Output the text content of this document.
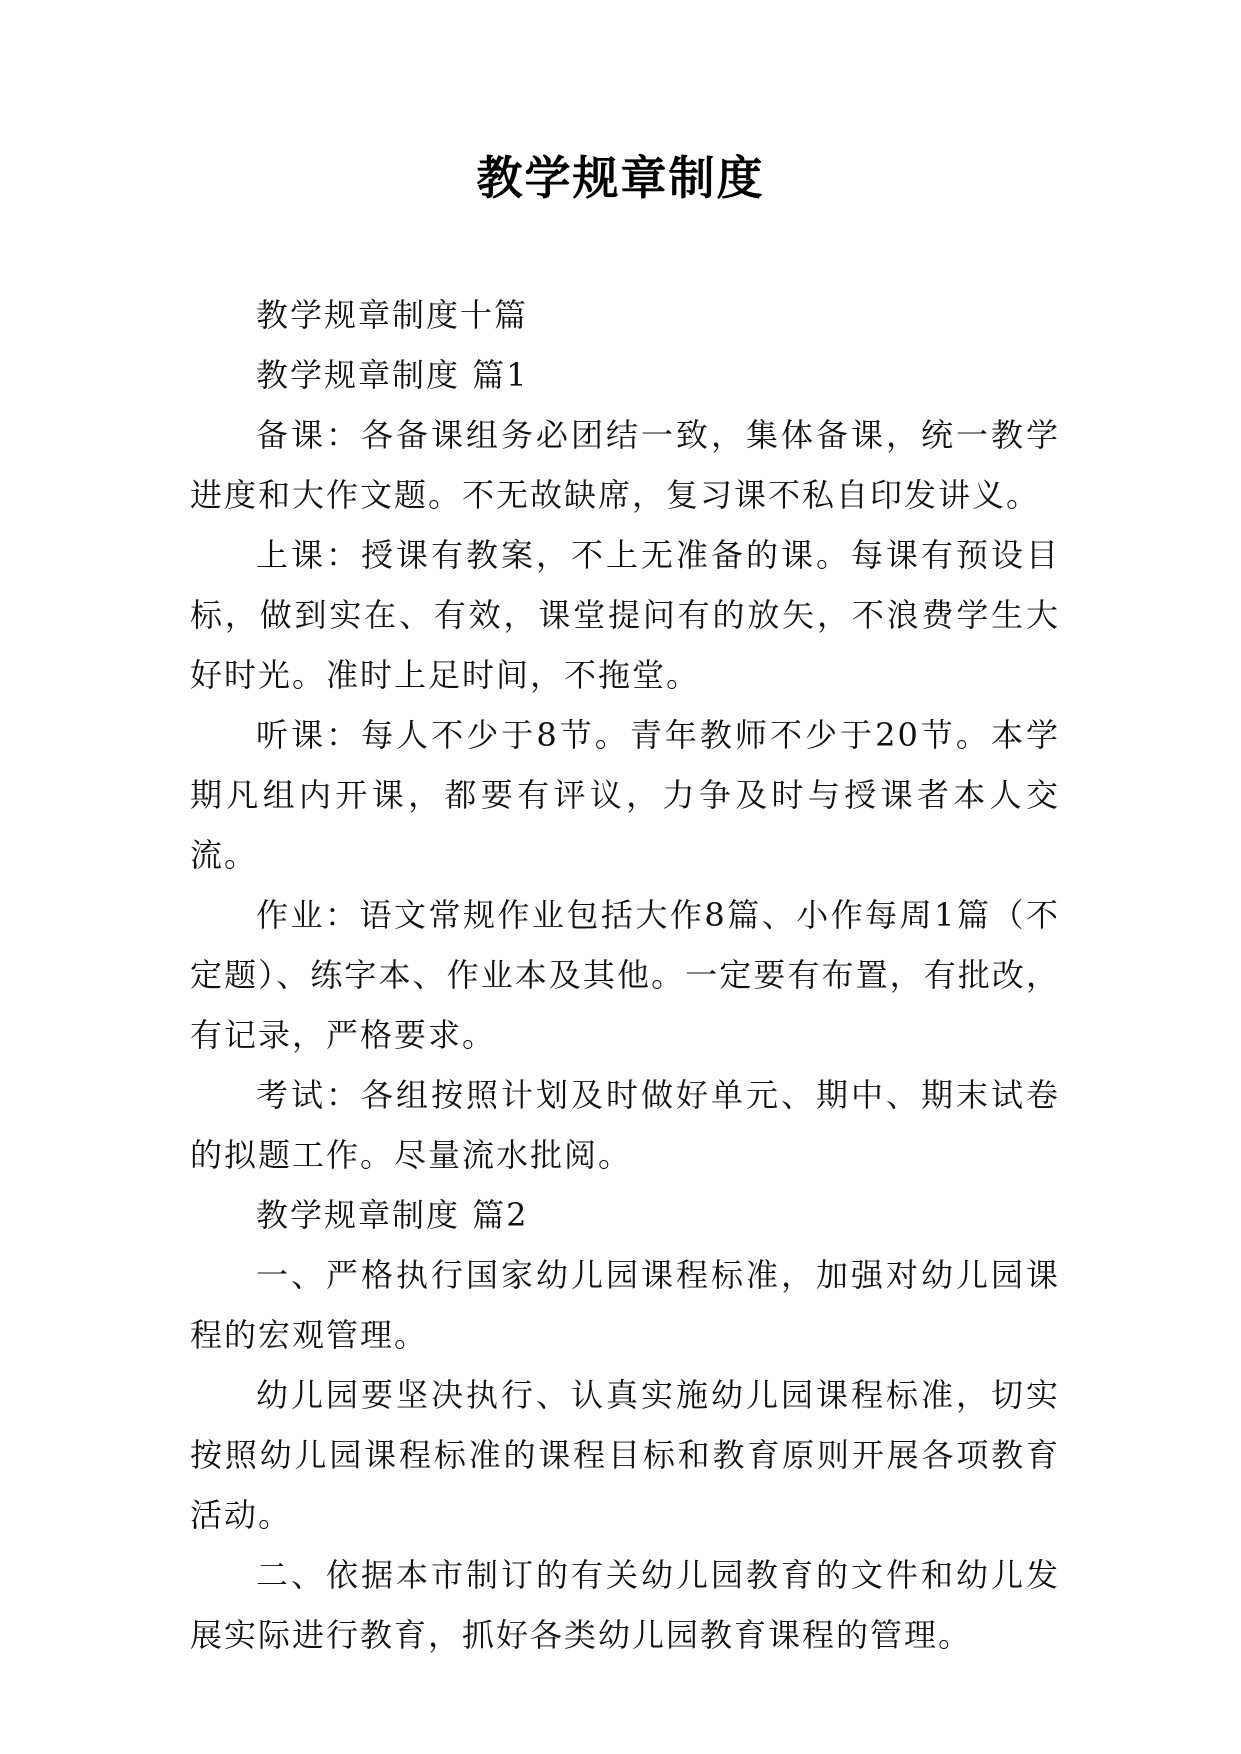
教学规章制度

教学规章制度十篇

教学规章制度 篇1

备课：各备课组务必团结一致，集体备课，统一教学进度和大作文题。不无故缺席，复习课不私自印发讲义。

上课：授课有教案，不上无准备的课。每课有预设目标，做到实在、有效，课堂提问有的放矢，不浪费学生大好时光。准时上足时间，不拖堂。

听课：每人不少于8节。青年教师不少于20节。本学期凡组内开课，都要有评议，力争及时与授课者本人交流。

作业：语文常规作业包括大作8篇、小作每周1篇（不定题）、练字本、作业本及其他。一定要有布置，有批改，有记录，严格要求。

考试：各组按照计划及时做好单元、期中、期末试卷的拟题工作。尽量流水批阅。

教学规章制度 篇2

一、严格执行国家幼儿园课程标准，加强对幼儿园课程的宏观管理。

幼儿园要坚决执行、认真实施幼儿园课程标准，切实按照幼儿园课程标准的课程目标和教育原则开展各项教育活动。

二、依据本市制订的有关幼儿园教育的文件和幼儿发展实际进行教育，抓好各类幼儿园教育课程的管理。
